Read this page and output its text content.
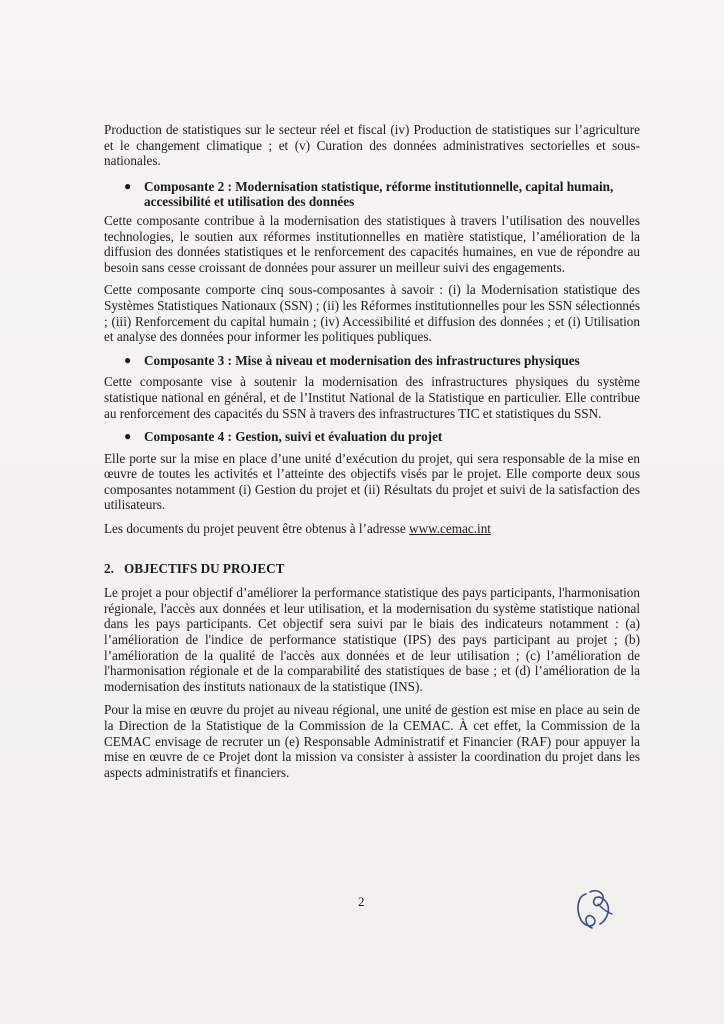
Production de statistiques sur le secteur réel et fiscal (iv) Production de statistiques sur l’agriculture et le changement climatique ; et (v) Curation des données administratives sectorielles et sous-nationales.

● Composante 2 : Modernisation statistique, réforme institutionnelle, capital humain, accessibilité et utilisation des données

Cette composante contribue à la modernisation des statistiques à travers l’utilisation des nouvelles technologies, le soutien aux réformes institutionnelles en matière statistique, l’amélioration de la diffusion des données statistiques et le renforcement des capacités humaines, en vue de répondre au besoin sans cesse croissant de données pour assurer un meilleur suivi des engagements.

Cette composante comporte cinq sous-composantes à savoir : (i) la Modernisation statistique des Systèmes Statistiques Nationaux (SSN) ; (ii) les Réformes institutionnelles pour les SSN sélectionnés ; (iii) Renforcement du capital humain ; (iv) Accessibilité et diffusion des données ; et (i) Utilisation et analyse des données pour informer les politiques publiques.

● Composante 3 : Mise à niveau et modernisation des infrastructures physiques

Cette composante vise à soutenir la modernisation des infrastructures physiques du système statistique national en général, et de l’Institut National de la Statistique en particulier. Elle contribue au renforcement des capacités du SSN à travers des infrastructures TIC et statistiques du SSN.

● Composante 4 : Gestion, suivi et évaluation du projet

Elle porte sur la mise en place d’une unité d’exécution du projet, qui sera responsable de la mise en œuvre de toutes les activités et l’atteinte des objectifs visés par le projet. Elle comporte deux sous composantes notamment (i) Gestion du projet et (ii) Résultats du projet et suivi de la satisfaction des utilisateurs.

Les documents du projet peuvent être obtenus à l’adresse www.cemac.int

2. OBJECTIFS DU PROJECT

Le projet a pour objectif d’améliorer la performance statistique des pays participants, l'harmonisation régionale, l'accès aux données et leur utilisation, et la modernisation du système statistique national dans les pays participants. Cet objectif sera suivi par le biais des indicateurs notamment : (a) l’amélioration de l'indice de performance statistique (IPS) des pays participant au projet ; (b) l’amélioration de la qualité de l'accès aux données et de leur utilisation ; (c) l’amélioration de l'harmonisation régionale et de la comparabilité des statistiques de base ; et (d) l’amélioration de la modernisation des instituts nationaux de la statistique (INS).

Pour la mise en œuvre du projet au niveau régional, une unité de gestion est mise en place au sein de la Direction de la Statistique de la Commission de la CEMAC. À cet effet, la Commission de la CEMAC envisage de recruter un (e) Responsable Administratif et Financier (RAF) pour appuyer la mise en œuvre de ce Projet dont la mission va consister à assister la coordination du projet dans les aspects administratifs et financiers.

2
